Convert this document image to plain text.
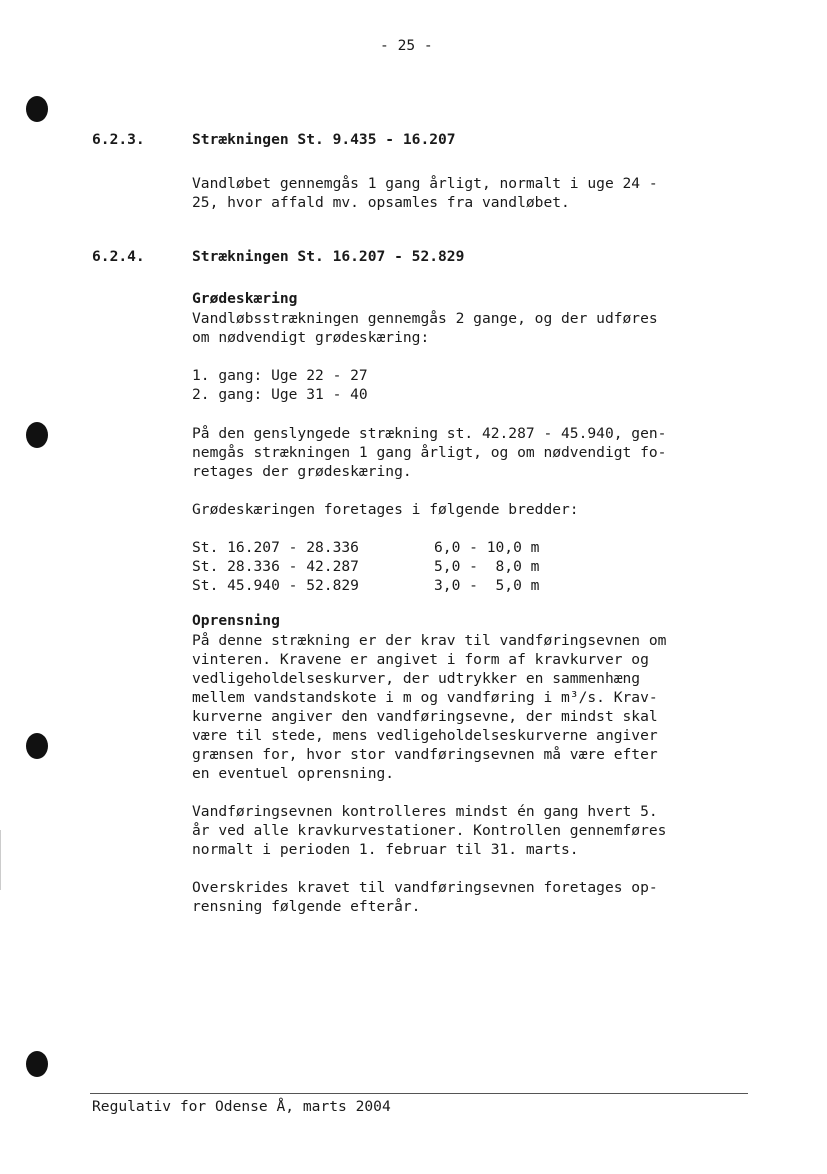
- 25 -
6.2.3.	Strækningen St. 9.435 - 16.207
Vandløbet gennemgås 1 gang årligt, normalt i uge 24 -
25, hvor affald mv. opsamles fra vandløbet.
6.2.4.	Strækningen St. 16.207 - 52.829
Grødeskæring
Vandløbsstrækningen gennemgås 2 gange, og der udføres
om nødvendigt grødeskæring:
1. gang: Uge 22 - 27
2. gang: Uge 31 - 40
På den genslyngede strækning st. 42.287 - 45.940, gen-
nemgås strækningen 1 gang årligt, og om nødvendigt fo-
retages der grødeskæring.
Grødeskæringen foretages i følgende bredder:
St. 16.207 - 28.336	6,0 - 10,0 m
St. 28.336 - 42.287	5,0 -  8,0 m
St. 45.940 - 52.829	3,0 -  5,0 m
Oprensning
På denne strækning er der krav til vandføringsevnen om
vinteren. Kravene er angivet i form af kravkurver og
vedligeholdelseskurver, der udtrykker en sammenhæng
mellem vandstandskote i m og vandføring i m³/s. Krav-
kurverne angiver den vandføringsevne, der mindst skal
være til stede, mens vedligeholdelseskurverne angiver
grænsen for, hvor stor vandføringsevnen må være efter
en eventuel oprensning.
Vandføringsevnen kontrolleres mindst én gang hvert 5.
år ved alle kravkurvestationer. Kontrollen gennemføres
normalt i perioden 1. februar til 31. marts.
Overskrides kravet til vandføringsevnen foretages op-
rensning følgende efterår.
Regulativ for Odense Å, marts 2004
